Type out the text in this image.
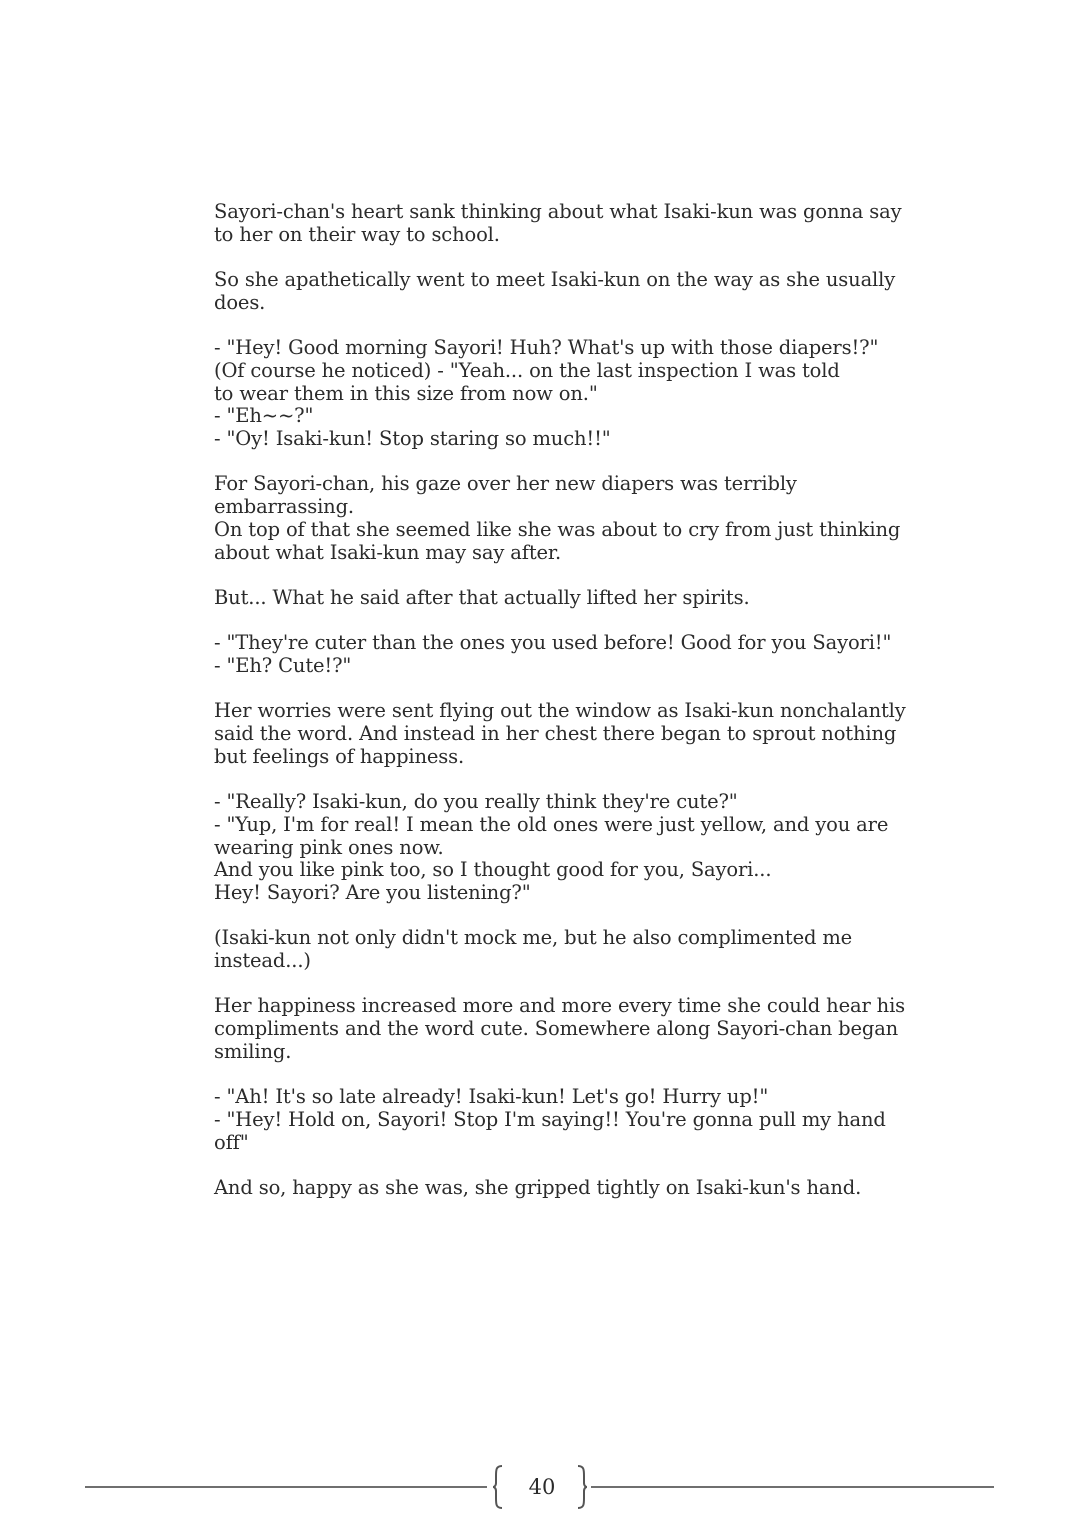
Sayori-chan's heart sank thinking about what Isaki-kun was gonna say
to her on their way to school.

So she apathetically went to meet Isaki-kun on the way as she usually
does.

- "Hey! Good morning Sayori! Huh? What's up with those diapers!?"
(Of course he noticed) - "Yeah... on the last inspection I was told
to wear them in this size from now on."
- "Eh~~?"
- "Oy! Isaki-kun! Stop staring so much!!"

For Sayori-chan, his gaze over her new diapers was terribly
embarrassing.
On top of that she seemed like she was about to cry from just thinking
about what Isaki-kun may say after.

But... What he said after that actually lifted her spirits.

- "They're cuter than the ones you used before! Good for you Sayori!"
- "Eh? Cute!?"

Her worries were sent flying out the window as Isaki-kun nonchalantly
said the word. And instead in her chest there began to sprout nothing
but feelings of happiness.

- "Really? Isaki-kun, do you really think they're cute?"
- "Yup, I'm for real! I mean the old ones were just yellow, and you are
wearing pink ones now.
And you like pink too, so I thought good for you, Sayori...
Hey! Sayori? Are you listening?"

(Isaki-kun not only didn't mock me, but he also complimented me
instead...)

Her happiness increased more and more every time she could hear his
compliments and the word cute. Somewhere along Sayori-chan began
smiling.

- "Ah! It's so late already! Isaki-kun! Let's go! Hurry up!"
- "Hey! Hold on, Sayori! Stop I'm saying!! You're gonna pull my hand
off"

And so, happy as she was, she gripped tightly on Isaki-kun's hand.

40
